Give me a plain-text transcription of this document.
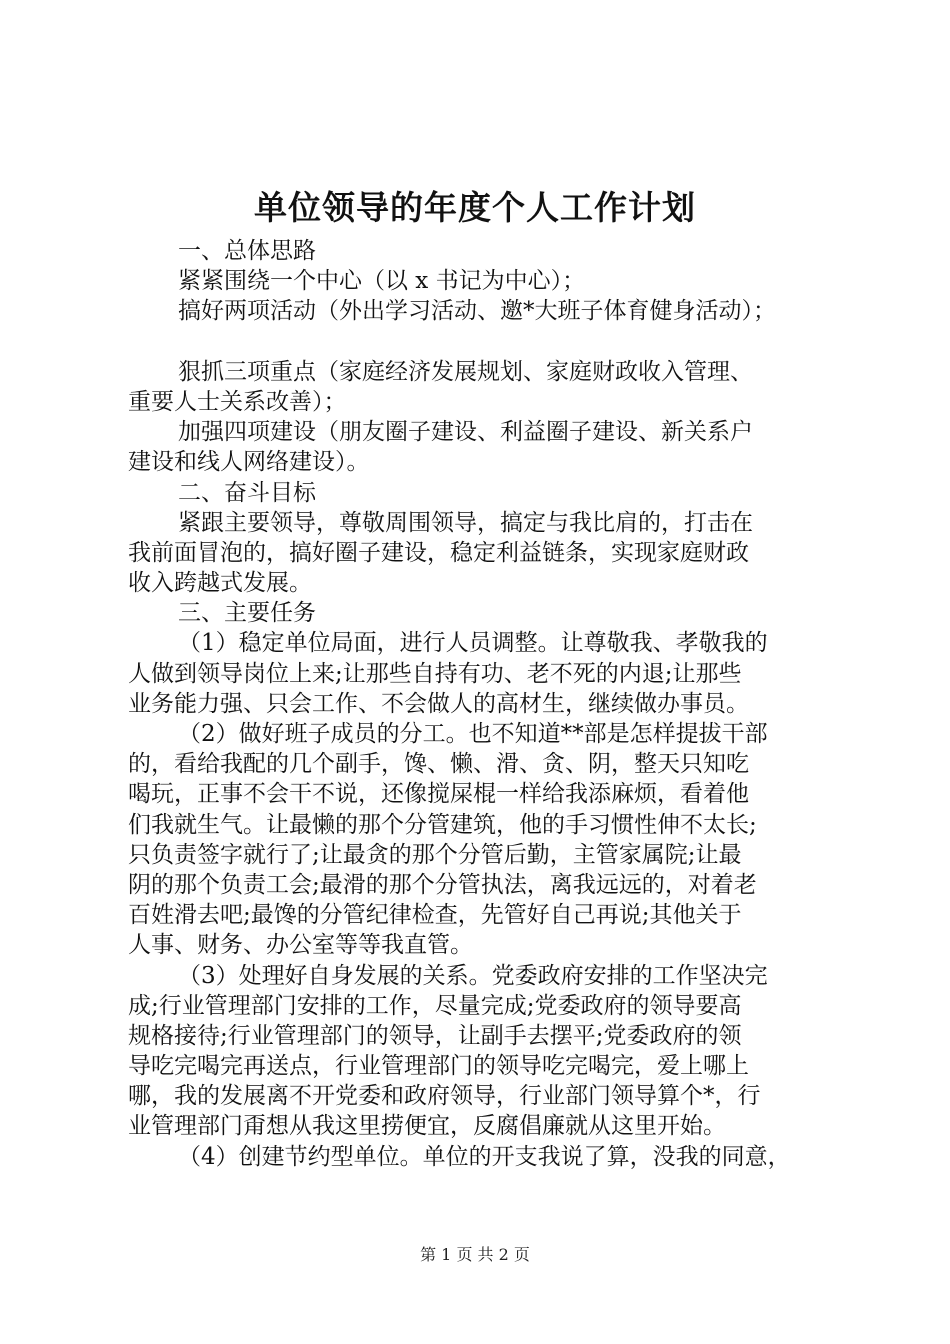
单位领导的年度个人工作计划
一、总体思路
紧紧围绕一个中心（以 x 书记为中心）；
搞好两项活动（外出学习活动、邀*大班子体育健身活动）；
狠抓三项重点（家庭经济发展规划、家庭财政收入管理、
重要人士关系改善）；
加强四项建设（朋友圈子建设、利益圈子建设、新关系户
建设和线人网络建设）。
二、奋斗目标
紧跟主要领导，尊敬周围领导，搞定与我比肩的，打击在
我前面冒泡的，搞好圈子建设，稳定利益链条，实现家庭财政
收入跨越式发展。
三、主要任务
（1）稳定单位局面，进行人员调整。让尊敬我、孝敬我的
人做到领导岗位上来;让那些自持有功、老不死的内退;让那些
业务能力强、只会工作、不会做人的高材生，继续做办事员。
（2）做好班子成员的分工。也不知道**部是怎样提拔干部
的，看给我配的几个副手，馋、懒、滑、贪、阴，整天只知吃
喝玩，正事不会干不说，还像搅屎棍一样给我添麻烦，看着他
们我就生气。让最懒的那个分管建筑，他的手习惯性伸不太长;
只负责签字就行了;让最贪的那个分管后勤，主管家属院;让最
阴的那个负责工会;最滑的那个分管执法，离我远远的，对着老
百姓滑去吧;最馋的分管纪律检查，先管好自己再说;其他关于
人事、财务、办公室等等我直管。
（3）处理好自身发展的关系。党委政府安排的工作坚决完
成;行业管理部门安排的工作，尽量完成;党委政府的领导要高
规格接待;行业管理部门的领导，让副手去摆平;党委政府的领
导吃完喝完再送点，行业管理部门的领导吃完喝完，爱上哪上
哪，我的发展离不开党委和政府领导，行业部门领导算个*，行
业管理部门甭想从我这里捞便宜，反腐倡廉就从这里开始。
（4）创建节约型单位。单位的开支我说了算，没我的同意，
第 1 页 共 2 页
